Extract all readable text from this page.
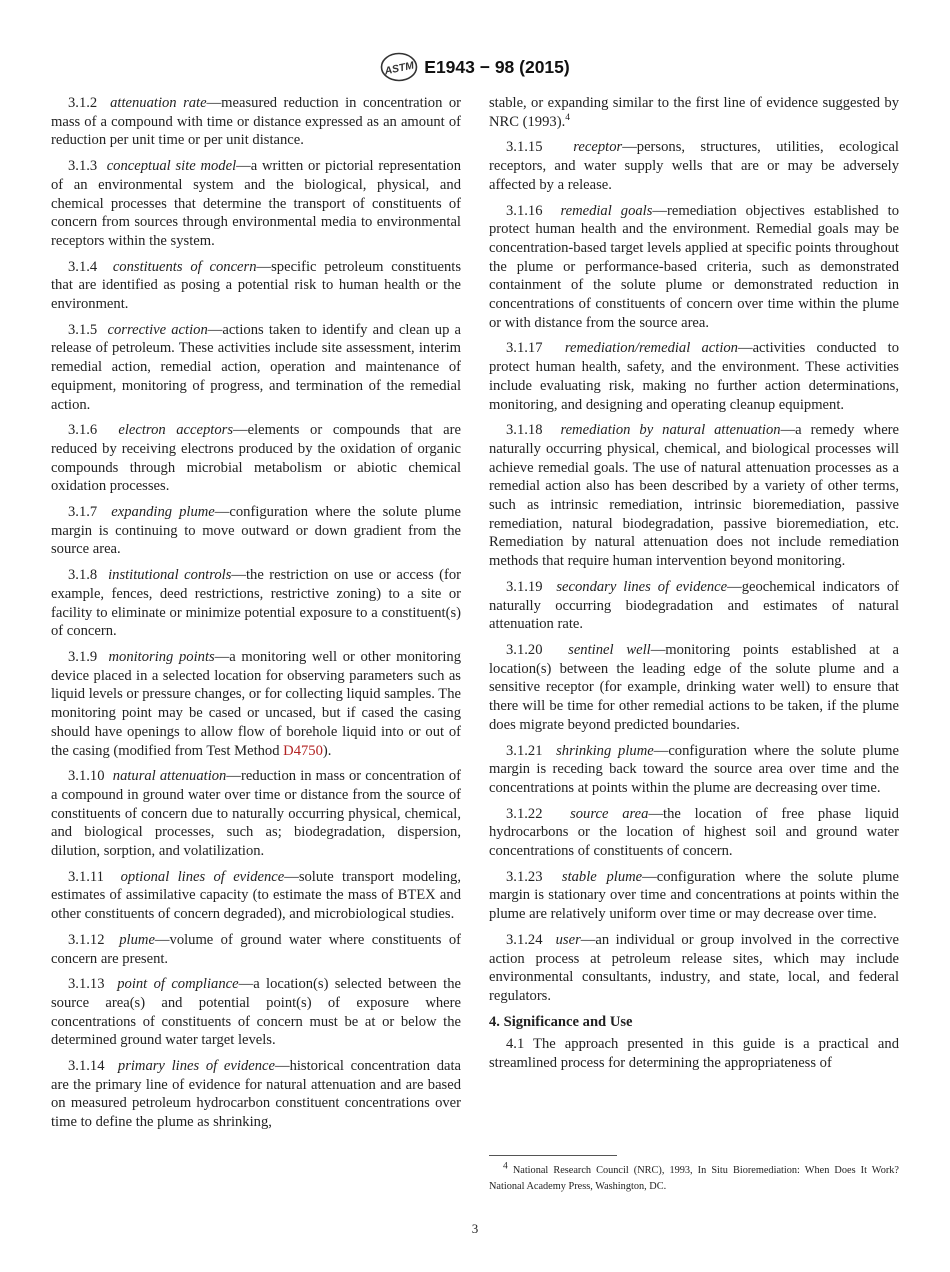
ASTM E1943 − 98 (2015)

3.1.2 attenuation rate—measured reduction in concentration or mass of a compound with time or distance expressed as an amount of reduction per unit time or per unit distance.

3.1.3 conceptual site model—a written or pictorial representation of an environmental system and the biological, physical, and chemical processes that determine the transport of constituents of concern from sources through environmental media to environmental receptors within the system.

3.1.4 constituents of concern—specific petroleum constituents that are identified as posing a potential risk to human health or the environment.

3.1.5 corrective action—actions taken to identify and clean up a release of petroleum. These activities include site assessment, interim remedial action, remedial action, operation and maintenance of equipment, monitoring of progress, and termination of the remedial action.

3.1.6 electron acceptors—elements or compounds that are reduced by receiving electrons produced by the oxidation of organic compounds through microbial metabolism or abiotic chemical oxidation processes.

3.1.7 expanding plume—configuration where the solute plume margin is continuing to move outward or down gradient from the source area.

3.1.8 institutional controls—the restriction on use or access (for example, fences, deed restrictions, restrictive zoning) to a site or facility to eliminate or minimize potential exposure to a constituent(s) of concern.

3.1.9 monitoring points—a monitoring well or other monitoring device placed in a selected location for observing parameters such as liquid levels or pressure changes, or for collecting liquid samples. The monitoring point may be cased or uncased, but if cased the casing should have openings to allow flow of borehole liquid into or out of the casing (modified from Test Method D4750).

3.1.10 natural attenuation—reduction in mass or concentration of a compound in ground water over time or distance from the source of constituents of concern due to naturally occurring physical, chemical, and biological processes, such as; biodegradation, dispersion, dilution, sorption, and volatilization.

3.1.11 optional lines of evidence—solute transport modeling, estimates of assimilative capacity (to estimate the mass of BTEX and other constituents of concern degraded), and microbiological studies.

3.1.12 plume—volume of ground water where constituents of concern are present.

3.1.13 point of compliance—a location(s) selected between the source area(s) and potential point(s) of exposure where concentrations of constituents of concern must be at or below the determined ground water target levels.

3.1.14 primary lines of evidence—historical concentration data are the primary line of evidence for natural attenuation and are based on measured petroleum hydrocarbon constituent concentrations over time to define the plume as shrinking,

stable, or expanding similar to the first line of evidence suggested by NRC (1993).$^4$

3.1.15 receptor—persons, structures, utilities, ecological receptors, and water supply wells that are or may be adversely affected by a release.

3.1.16 remedial goals—remediation objectives established to protect human health and the environment. Remedial goals may be concentration-based target levels applied at specific points throughout the plume or performance-based criteria, such as demonstrated containment of the solute plume or demonstrated reduction in concentrations of constituents of concern over time within the plume or with distance from the source area.

3.1.17 remediation/remedial action—activities conducted to protect human health, safety, and the environment. These activities include evaluating risk, making no further action determinations, monitoring, and designing and operating cleanup equipment.

3.1.18 remediation by natural attenuation—a remedy where naturally occurring physical, chemical, and biological processes will achieve remedial goals. The use of natural attenuation processes as a remedial action also has been described by a variety of other terms, such as intrinsic remediation, intrinsic bioremediation, passive remediation, natural biodegradation, passive bioremediation, etc. Remediation by natural attenuation does not include remediation methods that require human intervention beyond monitoring.

3.1.19 secondary lines of evidence—geochemical indicators of naturally occurring biodegradation and estimates of natural attenuation rate.

3.1.20 sentinel well—monitoring points established at a location(s) between the leading edge of the solute plume and a sensitive receptor (for example, drinking water well) to ensure that there will be time for other remedial actions to be taken, if the plume does migrate beyond predicted boundaries.

3.1.21 shrinking plume—configuration where the solute plume margin is receding back toward the source area over time and the concentrations at points within the plume are decreasing over time.

3.1.22 source area—the location of free phase liquid hydrocarbons or the location of highest soil and ground water concentrations of constituents of concern.

3.1.23 stable plume—configuration where the solute plume margin is stationary over time and concentrations at points within the plume are relatively uniform over time or may decrease over time.

3.1.24 user—an individual or group involved in the corrective action process at petroleum release sites, which may include environmental consultants, industry, and state, local, and federal regulators.

4. Significance and Use

4.1 The approach presented in this guide is a practical and streamlined process for determining the appropriateness of

$^4$ National Research Council (NRC), 1993, In Situ Bioremediation: When Does It Work? National Academy Press, Washington, DC.

3
